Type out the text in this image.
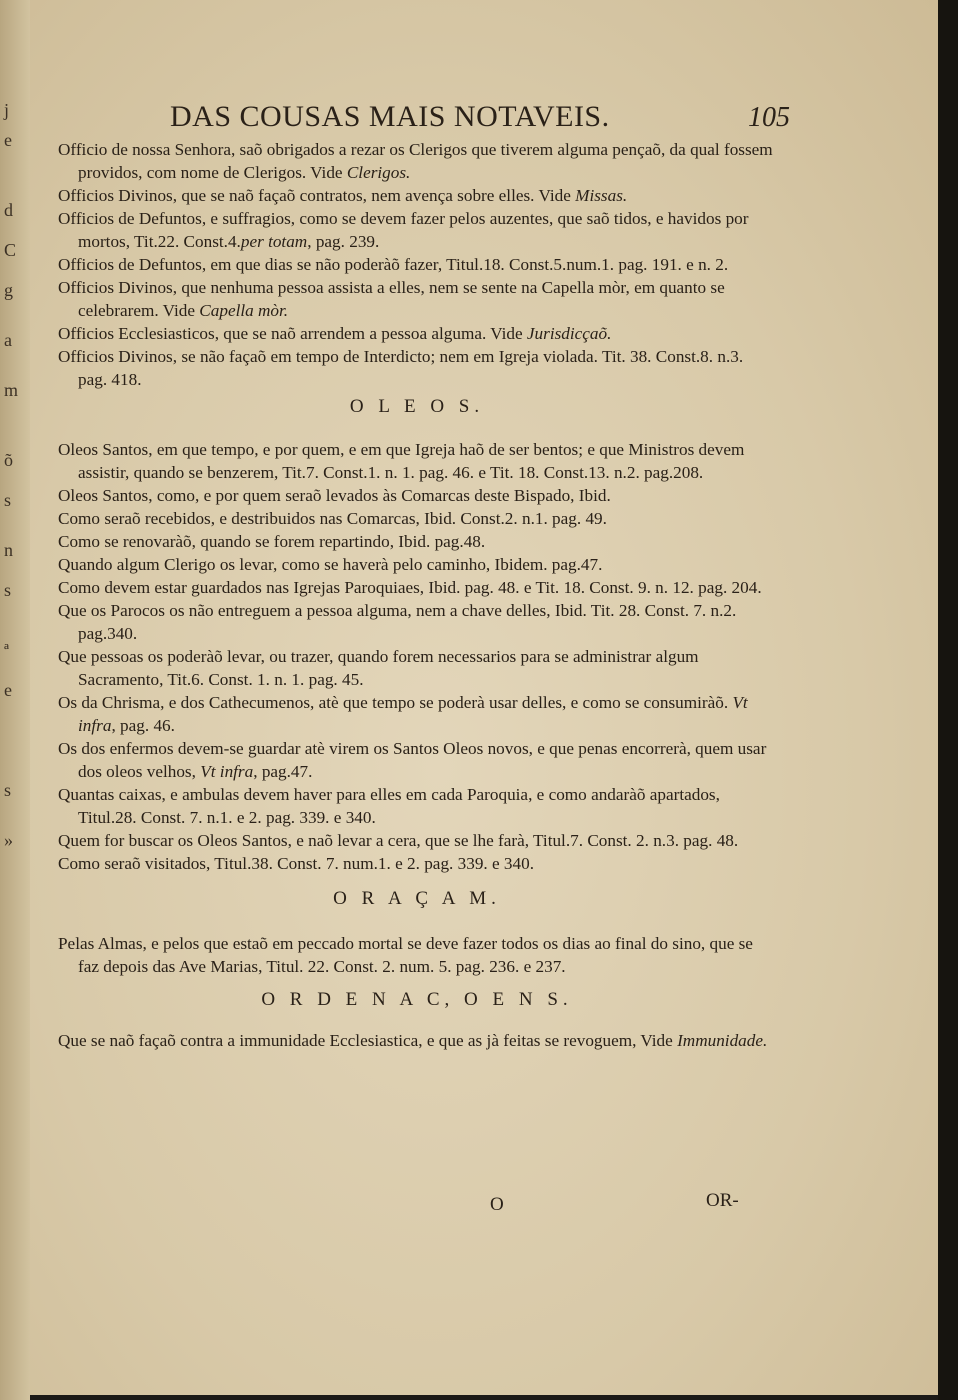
j
e
d
C
g
a
m
õ
s
n
s
ª
e
s
»
DAS COUSAS MAIS NOTAVEIS.	105

Officio de nossa Senhora, saõ obrigados a rezar os Clerigos que tiverem alguma pençaõ, da qual fossem providos, com nome de Clerigos. Vide Clerigos.

Officios Divinos, que se naõ façaõ contratos, nem avença sobre elles. Vide Missas.

Officios de Defuntos, e suffragios, como se devem fazer pelos auzentes, que saõ tidos, e havidos por mortos, Tit.22. Const.4.per totam, pag. 239.

Officios de Defuntos, em que dias se não poderàõ fazer, Titul.18. Const.5.num.1. pag. 191. e n. 2.

Officios Divinos, que nenhuma pessoa assista a elles, nem se sente na Capella mòr, em quanto se celebrarem. Vide Capella mòr.

Officios Ecclesiasticos, que se naõ arrendem a pessoa alguma. Vide Jurisdicçaõ.

Officios Divinos, se não façaõ em tempo de Interdicto; nem em Igreja violada. Tit. 38. Const.8. n.3. pag. 418.

O L E O S.

Oleos Santos, em que tempo, e por quem, e em que Igreja haõ de ser bentos; e que Ministros devem assistir, quando se benzerem, Tit.7. Const.1. n. 1. pag. 46. e Tit. 18. Const.13. n.2. pag.208.

Oleos Santos, como, e por quem seraõ levados às Comarcas deste Bispado, Ibid.

Como seraõ recebidos, e destribuidos nas Comarcas, Ibid. Const.2. n.1. pag. 49.

Como se renovaràõ, quando se forem repartindo, Ibid. pag.48.

Quando algum Clerigo os levar, como se haverà pelo caminho, Ibidem. pag.47.

Como devem estar guardados nas Igrejas Paroquiaes, Ibid. pag. 48. e Tit. 18. Const. 9. n. 12. pag. 204.

Que os Parocos os não entreguem a pessoa alguma, nem a chave delles, Ibid. Tit. 28. Const. 7. n.2. pag.340.

Que pessoas os poderàõ levar, ou trazer, quando forem necessarios para se administrar algum Sacramento, Tit.6. Const. 1. n. 1. pag. 45.

Os da Chrisma, e dos Cathecumenos, atè que tempo se poderà usar delles, e como se consumiràõ. Vt infra, pag. 46.

Os dos enfermos devem-se guardar atè virem os Santos Oleos novos, e que penas encorrerà, quem usar dos oleos velhos, Vt infra, pag.47.

Quantas caixas, e ambulas devem haver para elles em cada Paroquia, e como andaràõ apartados, Titul.28. Const. 7. n.1. e 2. pag. 339. e 340.

Quem for buscar os Oleos Santos, e naõ levar a cera, que se lhe farà, Titul.7. Const. 2. n.3. pag. 48.

Como seraõ visitados, Titul.38. Const. 7. num.1. e 2. pag. 339. e 340.

O R A Ç A M.

Pelas Almas, e pelos que estaõ em peccado mortal se deve fazer todos os dias ao final do sino, que se faz depois das Ave Marias, Titul. 22. Const. 2. num. 5. pag. 236. e 237.

O R D E N A C, O E N S.

Que se naõ façaõ contra a immunidade Ecclesiastica, e que as jà feitas se revoguem, Vide Immunidade.

O	OR-
